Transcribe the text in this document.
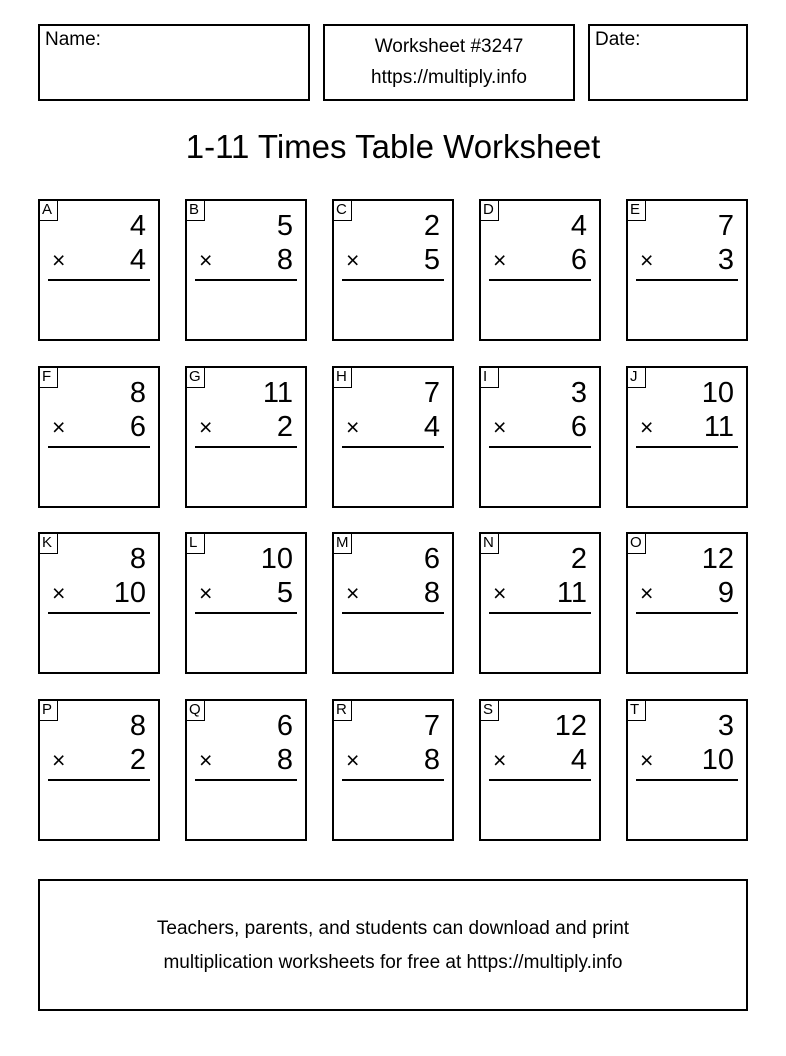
Name:	Worksheet #3247
https://multiply.info
Date:
1-11 Times Table Worksheet
A
4
× 4
B
5
× 8
C
2
× 5
D
4
× 6
E
7
× 3
F
8
× 6
G
11
× 2
H
7
× 4
I
3
× 6
J
10
× 11
K
8
× 10
L
10
× 5
M
6
× 8
N
2
× 11
O
12
× 9
P
8
× 2
Q
6
× 8
R
7
× 8
S
12
× 4
T
3
× 10
Teachers, parents, and students can download and print
multiplication worksheets for free at https://multiply.info
